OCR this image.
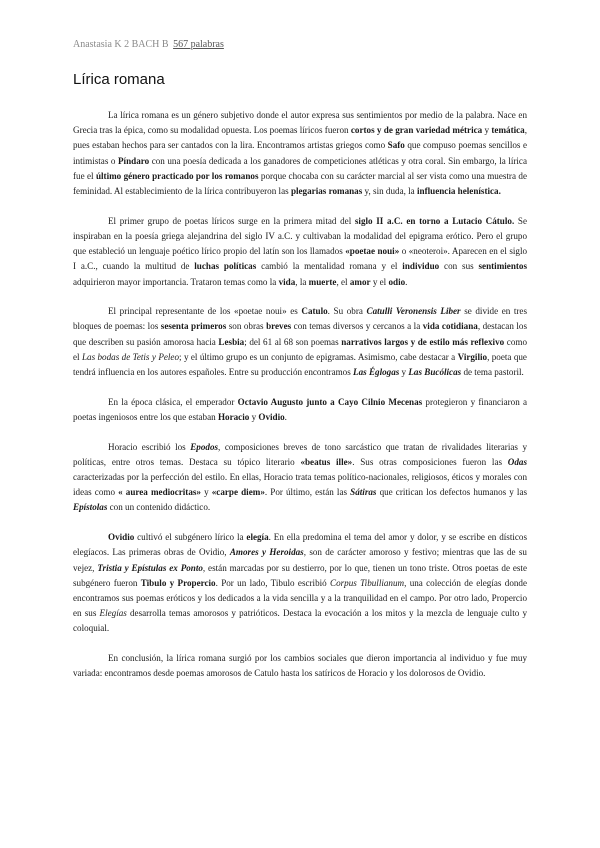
Anastasia K 2 BACH B 567 palabras
Lírica romana

La lírica romana es un género subjetivo donde el autor expresa sus sentimientos por medio de la palabra. Nace en Grecia tras la épica, como su modalidad opuesta. Los poemas líricos fueron cortos y de gran variedad métrica y temática, pues estaban hechos para ser cantados con la lira. Encontramos artistas griegos como Safo que compuso poemas sencillos e intimistas o Píndaro con una poesía dedicada a los ganadores de competiciones atléticas y otra coral. Sin embargo, la lírica fue el último género practicado por los romanos porque chocaba con su carácter marcial al ser vista como una muestra de feminidad. Al establecimiento de la lírica contribuyeron las plegarias romanas y, sin duda, la influencia helenística.

El primer grupo de poetas líricos surge en la primera mitad del siglo II a.C. en torno a Lutacio Cátulo. Se inspiraban en la poesía griega alejandrina del siglo IV a.C. y cultivaban la modalidad del epigrama erótico. Pero el grupo que estableció un lenguaje poético lírico propio del latín son los llamados «poetae noui» o «neoteroi». Aparecen en el siglo I a.C., cuando la multitud de luchas políticas cambió la mentalidad romana y el individuo con sus sentimientos adquirieron mayor importancia. Trataron temas como la vida, la muerte, el amor y el odio.

El principal representante de los «poetae noui» es Catulo. Su obra Catulli Veronensis Liber se divide en tres bloques de poemas: los sesenta primeros son obras breves con temas diversos y cercanos a la vida cotidiana, destacan los que describen su pasión amorosa hacia Lesbia; del 61 al 68 son poemas narrativos largos y de estilo más reflexivo como el Las bodas de Tetis y Peleo; y el último grupo es un conjunto de epigramas. Asimismo, cabe destacar a Virgilio, poeta que tendrá influencia en los autores españoles. Entre su producción encontramos Las Églogas y Las Bucólicas de tema pastoril.

En la época clásica, el emperador Octavio Augusto junto a Cayo Cilnio Mecenas protegieron y financiaron a poetas ingeniosos entre los que estaban Horacio y Ovidio.

Horacio escribió los Epodos, composiciones breves de tono sarcástico que tratan de rivalidades literarias y políticas, entre otros temas. Destaca su tópico literario «beatus ille». Sus otras composiciones fueron las Odas caracterizadas por la perfección del estilo. En ellas, Horacio trata temas político-nacionales, religiosos, éticos y morales con ideas como « aurea mediocritas» y «carpe diem». Por último, están las Sátiras que critican los defectos humanos y las Epístolas con un contenido didáctico.

Ovidio cultivó el subgénero lírico la elegía. En ella predomina el tema del amor y dolor, y se escribe en dísticos elegíacos. Las primeras obras de Ovidio, Amores y Heroidas, son de carácter amoroso y festivo; mientras que las de su vejez, Tristia y Epístulas ex Ponto, están marcadas por su destierro, por lo que, tienen un tono triste. Otros poetas de este subgénero fueron Tibulo y Propercio. Por un lado, Tibulo escribió Corpus Tibullianum, una colección de elegías donde encontramos sus poemas eróticos y los dedicados a la vida sencilla y a la tranquilidad en el campo. Por otro lado, Propercio en sus Elegías desarrolla temas amorosos y patrióticos. Destaca la evocación a los mitos y la mezcla de lenguaje culto y coloquial.

En conclusión, la lírica romana surgió por los cambios sociales que dieron importancia al individuo y fue muy variada: encontramos desde poemas amorosos de Catulo hasta los satíricos de Horacio y los dolorosos de Ovidio.
